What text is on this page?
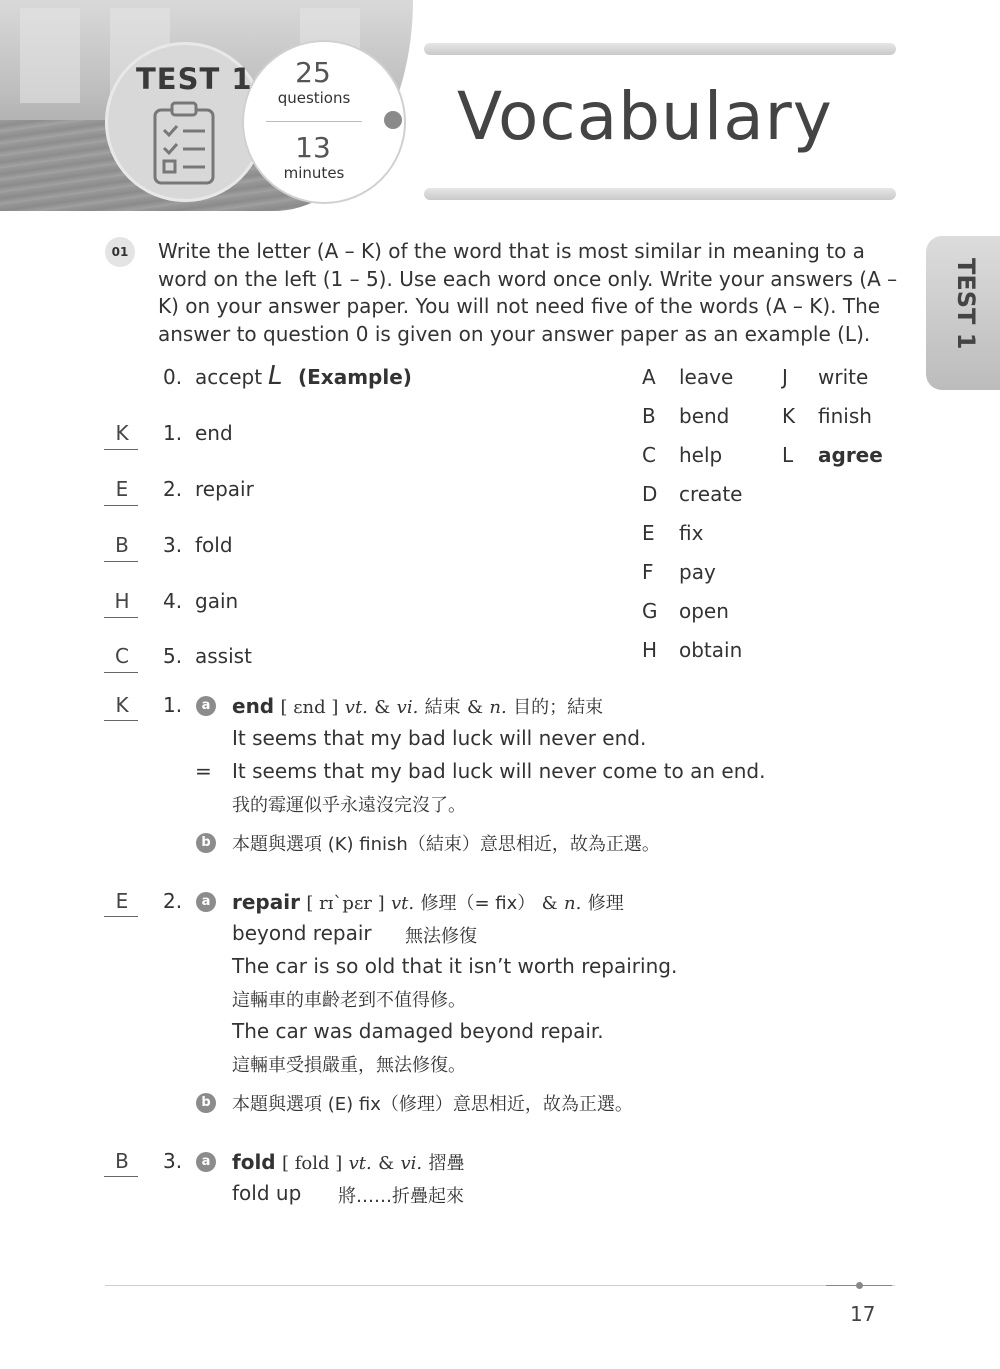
TEST 1	25
questions
13
minutes
Vocabulary
TEST 1
01	Write the letter (A – K) of the word that is most similar in meaning to a word on the left (1 – 5). Use each word once only. Write your answers (A – K) on your answer paper. You will not need five of the words (A – K). The answer to question 0 is given on your answer paper as an example (L).
0. accept L (Example)
K	1. end
E	2. repair
B	3. fold
H	4. gain
C	5. assist
A leave
B bend
C help
D create
E fix
F pay
G open
H obtain
J write
K finish
L agree
K	1.	a end [ ɛnd ] vt. & vi. 結束 & n. 目的；結束
It seems that my bad luck will never end.
= It seems that my bad luck will never come to an end.
我的霉運似乎永遠沒完沒了。
b 本題與選項 (K) finish（結束）意思相近，故為正選。
E	2.	a repair [ rɪˋpɛr ] vt. 修理（= fix） & n. 修理
beyond repair 無法修復
The car is so old that it isn’t worth repairing.
這輛車的車齡老到不值得修。
The car was damaged beyond repair.
這輛車受損嚴重，無法修復。
b 本題與選項 (E) fix（修理）意思相近，故為正選。
B	3.	a fold [ fold ] vt. & vi. 摺疊
fold up 將……折疊起來
17
